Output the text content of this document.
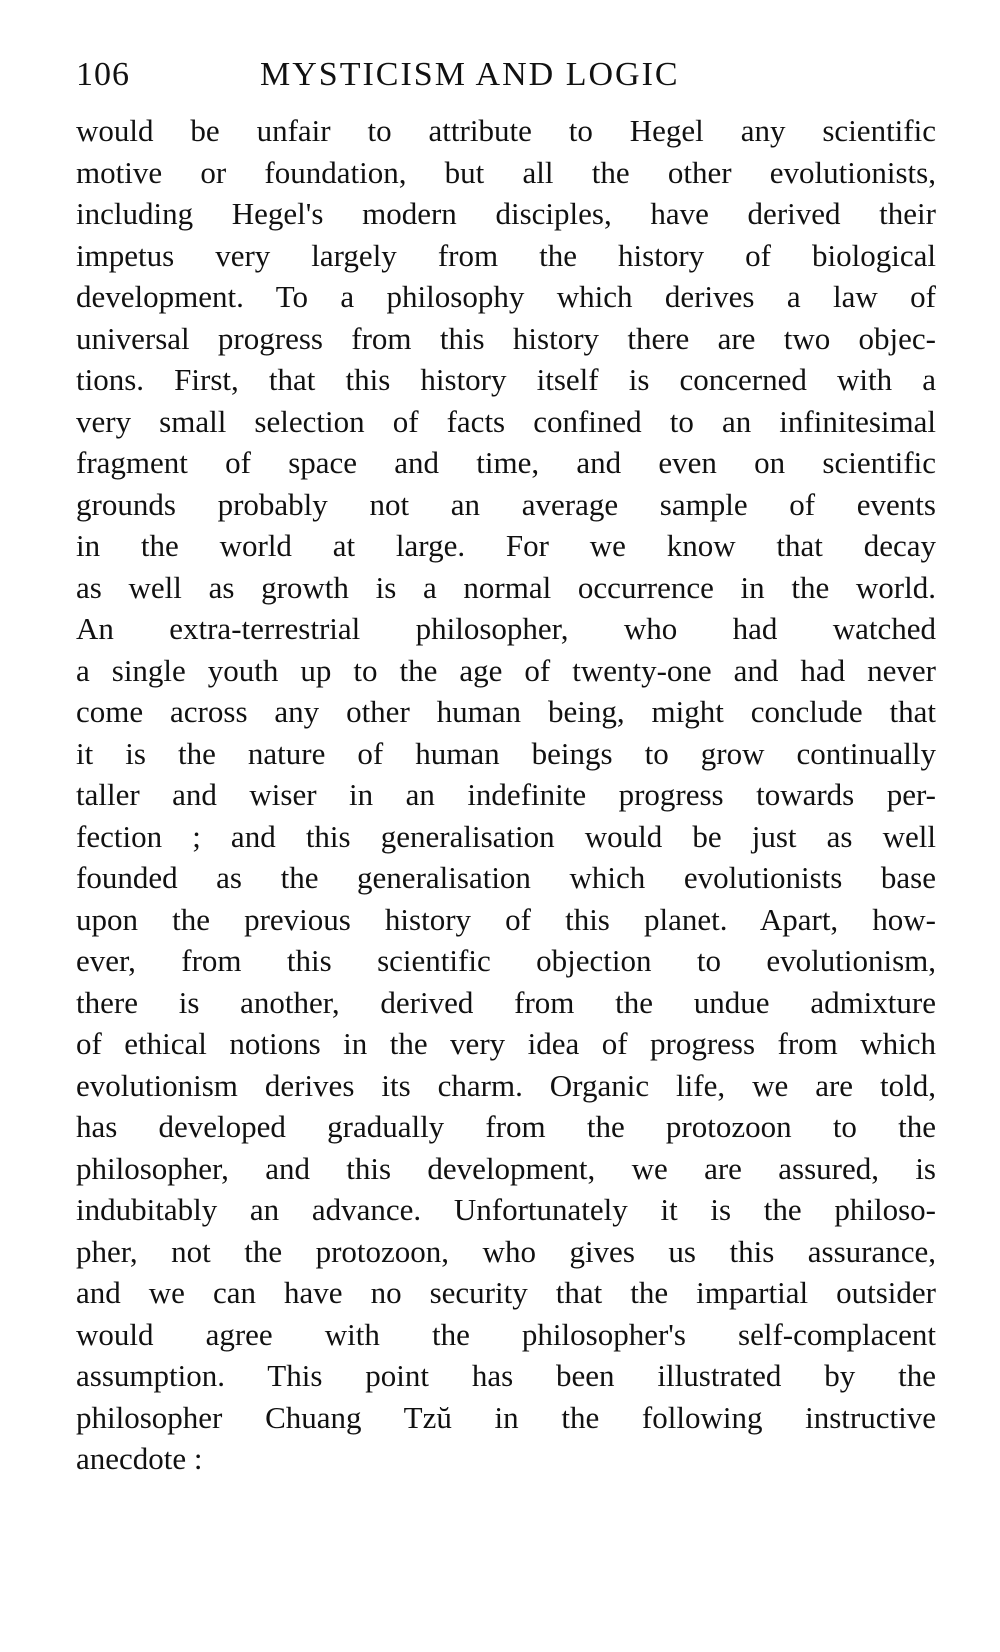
106	MYSTICISM AND LOGIC
would be unfair to attribute to Hegel any scientific
motive or foundation, but all the other evolutionists,
including Hegel's modern disciples, have derived their
impetus very largely from the history of biological
development. To a philosophy which derives a law of
universal progress from this history there are two objec-
tions. First, that this history itself is concerned with a
very small selection of facts confined to an infinitesimal
fragment of space and time, and even on scientific
grounds probably not an average sample of events
in the world at large. For we know that decay
as well as growth is a normal occurrence in the world.
An extra-terrestrial philosopher, who had watched
a single youth up to the age of twenty-one and had never
come across any other human being, might conclude that
it is the nature of human beings to grow continually
taller and wiser in an indefinite progress towards per-
fection ; and this generalisation would be just as well
founded as the generalisation which evolutionists base
upon the previous history of this planet. Apart, how-
ever, from this scientific objection to evolutionism,
there is another, derived from the undue admixture
of ethical notions in the very idea of progress from which
evolutionism derives its charm. Organic life, we are told,
has developed gradually from the protozoon to the
philosopher, and this development, we are assured, is
indubitably an advance. Unfortunately it is the philoso-
pher, not the protozoon, who gives us this assurance,
and we can have no security that the impartial outsider
would agree with the philosopher's self-complacent
assumption. This point has been illustrated by the
philosopher Chuang Tzŭ in the following instructive
anecdote :
